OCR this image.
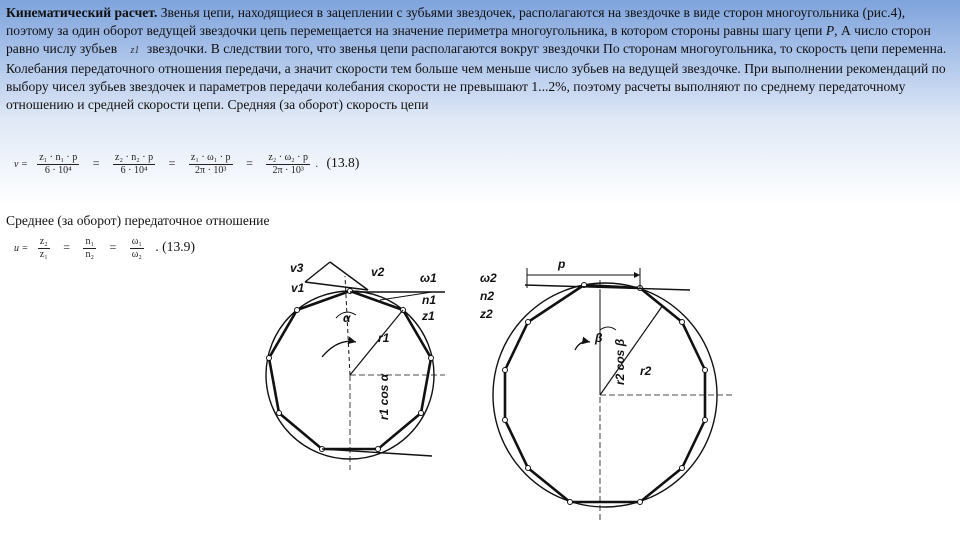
Кинематический расчет. Звенья цепи, находящиеся в зацеплении с зубьями звездочек, располагаются на звездочке в виде сторон многоугольника (рис.4), поэтому за один оборот ведущей звездочки цепь перемещается на значение периметра многоугольника, в котором стороны равны шагу цепи P, А число сторон равно числу зубьев z1 звездочки. В следствии того, что звенья цепи располагаются вокруг звездочки По сторонам многоугольника, то скорость цепи переменна.
Колебания передаточного отношения передачи, а значит скорости тем больше чем меньше число зубьев на ведущей звездочке. При выполнении рекомендаций по выбору чисел зубьев звездочек и параметров передачи колебания скорости не превышают 1...2%, поэтому расчеты выполняют по среднему передаточному отношению и средней скорости цепи. Средняя (за оборот) скорость цепи

$v = \frac{\text{z₁ · n₁ · p}}{\text{6 · 10⁴}} = \frac{\text{z₂ · n₂ · p}}{\text{6 · 10⁴}} = \frac{\text{z₁ · ω₁ · p}}{\text{2π · 10³}} = \frac{\text{z₂ · ω₂ · p}}{\text{2π · 10³}}$ . (13.8)

Среднее (за оборот) передаточное отношение

$u = \frac{\text{z₂}}{\text{z₁}} = \frac{\text{n₁}}{\text{n₂}} = \frac{\text{ω₁}}{\text{ω₂}}$ . (13.9)
v3	v2
v1
ω1
n1
z1
α
r1
r1 cos α
p
ω2
n2
z2
β
r2 cos β r2
